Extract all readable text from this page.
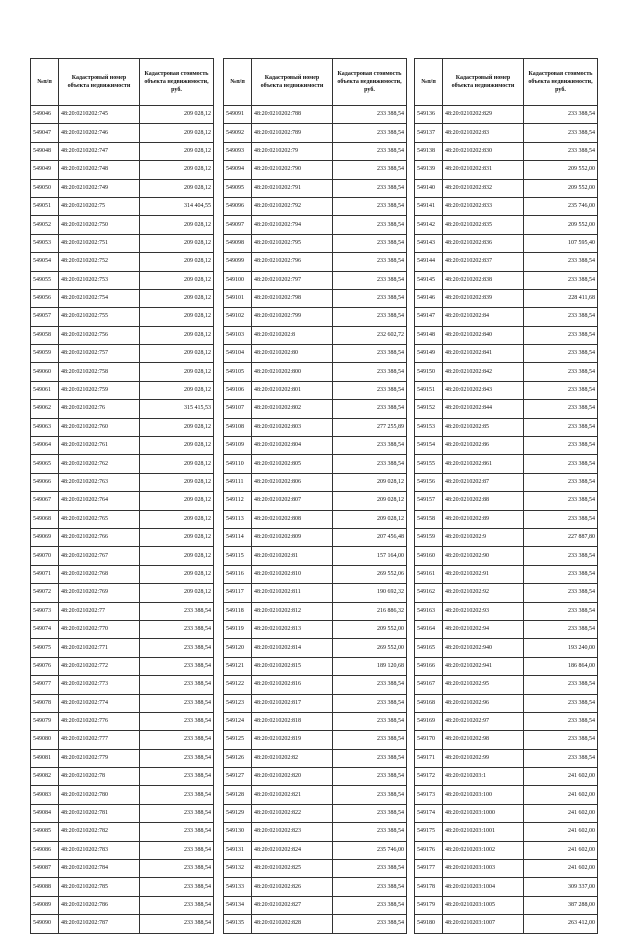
№п/п	Кадастровый номер объекта недвижимости	Кадастровая стоимость объекта недвижимости, руб.
549046	48:20:0210202:745	209 028,12
549047	48:20:0210202:746	209 028,12
549048	48:20:0210202:747	209 028,12
549049	48:20:0210202:748	209 028,12
549050	48:20:0210202:749	209 028,12
549051	48:20:0210202:75	314 404,55
549052	48:20:0210202:750	209 028,12
549053	48:20:0210202:751	209 028,12
549054	48:20:0210202:752	209 028,12
549055	48:20:0210202:753	209 028,12
549056	48:20:0210202:754	209 028,12
549057	48:20:0210202:755	209 028,12
549058	48:20:0210202:756	209 028,12
549059	48:20:0210202:757	209 028,12
549060	48:20:0210202:758	209 028,12
549061	48:20:0210202:759	209 028,12
549062	48:20:0210202:76	315 415,53
549063	48:20:0210202:760	209 028,12
549064	48:20:0210202:761	209 028,12
549065	48:20:0210202:762	209 028,12
549066	48:20:0210202:763	209 028,12
549067	48:20:0210202:764	209 028,12
549068	48:20:0210202:765	209 028,12
549069	48:20:0210202:766	209 028,12
549070	48:20:0210202:767	209 028,12
549071	48:20:0210202:768	209 028,12
549072	48:20:0210202:769	209 028,12
549073	48:20:0210202:77	233 388,54
549074	48:20:0210202:770	233 388,54
549075	48:20:0210202:771	233 388,54
549076	48:20:0210202:772	233 388,54
549077	48:20:0210202:773	233 388,54
549078	48:20:0210202:774	233 388,54
549079	48:20:0210202:776	233 388,54
549080	48:20:0210202:777	233 388,54
549081	48:20:0210202:779	233 388,54
549082	48:20:0210202:78	233 388,54
549083	48:20:0210202:780	233 388,54
549084	48:20:0210202:781	233 388,54
549085	48:20:0210202:782	233 388,54
549086	48:20:0210202:783	233 388,54
549087	48:20:0210202:784	233 388,54
549088	48:20:0210202:785	233 388,54
549089	48:20:0210202:786	233 388,54
549090	48:20:0210202:787	233 388,54
№п/п	Кадастровый номер объекта недвижимости	Кадастровая стоимость объекта недвижимости, руб.
549091	48:20:0210202:788	233 388,54
549092	48:20:0210202:789	233 388,54
549093	48:20:0210202:79	233 388,54
549094	48:20:0210202:790	233 388,54
549095	48:20:0210202:791	233 388,54
549096	48:20:0210202:792	233 388,54
549097	48:20:0210202:794	233 388,54
549098	48:20:0210202:795	233 388,54
549099	48:20:0210202:796	233 388,54
549100	48:20:0210202:797	233 388,54
549101	48:20:0210202:798	233 388,54
549102	48:20:0210202:799	233 388,54
549103	48:20:0210202:8	232 602,72
549104	48:20:0210202:80	233 388,54
549105	48:20:0210202:800	233 388,54
549106	48:20:0210202:801	233 388,54
549107	48:20:0210202:802	233 388,54
549108	48:20:0210202:803	277 255,89
549109	48:20:0210202:804	233 388,54
549110	48:20:0210202:805	233 388,54
549111	48:20:0210202:806	209 028,12
549112	48:20:0210202:807	209 028,12
549113	48:20:0210202:808	209 028,12
549114	48:20:0210202:809	207 456,48
549115	48:20:0210202:81	157 164,00
549116	48:20:0210202:810	269 552,06
549117	48:20:0210202:811	190 692,32
549118	48:20:0210202:812	216 886,32
549119	48:20:0210202:813	209 552,00
549120	48:20:0210202:814	269 552,00
549121	48:20:0210202:815	189 120,68
549122	48:20:0210202:816	233 388,54
549123	48:20:0210202:817	233 388,54
549124	48:20:0210202:818	233 388,54
549125	48:20:0210202:819	233 388,54
549126	48:20:0210202:82	233 388,54
549127	48:20:0210202:820	233 388,54
549128	48:20:0210202:821	233 388,54
549129	48:20:0210202:822	233 388,54
549130	48:20:0210202:823	233 388,54
549131	48:20:0210202:824	235 746,00
549132	48:20:0210202:825	233 388,54
549133	48:20:0210202:826	233 388,54
549134	48:20:0210202:827	233 388,54
549135	48:20:0210202:828	233 388,54
№п/п	Кадастровый номер объекта недвижимости	Кадастровая стоимость объекта недвижимости, руб.
549136	48:20:0210202:829	233 388,54
549137	48:20:0210202:83	233 388,54
549138	48:20:0210202:830	233 388,54
549139	48:20:0210202:831	209 552,00
549140	48:20:0210202:832	209 552,00
549141	48:20:0210202:833	235 746,00
549142	48:20:0210202:835	209 552,00
549143	48:20:0210202:836	107 595,40
549144	48:20:0210202:837	233 388,54
549145	48:20:0210202:838	233 388,54
549146	48:20:0210202:839	228 411,68
549147	48:20:0210202:84	233 388,54
549148	48:20:0210202:840	233 388,54
549149	48:20:0210202:841	233 388,54
549150	48:20:0210202:842	233 388,54
549151	48:20:0210202:843	233 388,54
549152	48:20:0210202:844	233 388,54
549153	48:20:0210202:85	233 388,54
549154	48:20:0210202:86	233 388,54
549155	48:20:0210202:861	233 388,54
549156	48:20:0210202:87	233 388,54
549157	48:20:0210202:88	233 388,54
549158	48:20:0210202:89	233 388,54
549159	48:20:0210202:9	227 887,80
549160	48:20:0210202:90	233 388,54
549161	48:20:0210202:91	233 388,54
549162	48:20:0210202:92	233 388,54
549163	48:20:0210202:93	233 388,54
549164	48:20:0210202:94	233 388,54
549165	48:20:0210202:940	193 240,00
549166	48:20:0210202:941	186 864,00
549167	48:20:0210202:95	233 388,54
549168	48:20:0210202:96	233 388,54
549169	48:20:0210202:97	233 388,54
549170	48:20:0210202:98	233 388,54
549171	48:20:0210202:99	233 388,54
549172	48:20:0210203:1	241 602,00
549173	48:20:0210203:100	241 602,00
549174	48:20:0210203:1000	241 602,00
549175	48:20:0210203:1001	241 602,00
549176	48:20:0210203:1002	241 602,00
549177	48:20:0210203:1003	241 602,00
549178	48:20:0210203:1004	309 337,00
549179	48:20:0210203:1005	387 288,00
549180	48:20:0210203:1007	263 412,00
